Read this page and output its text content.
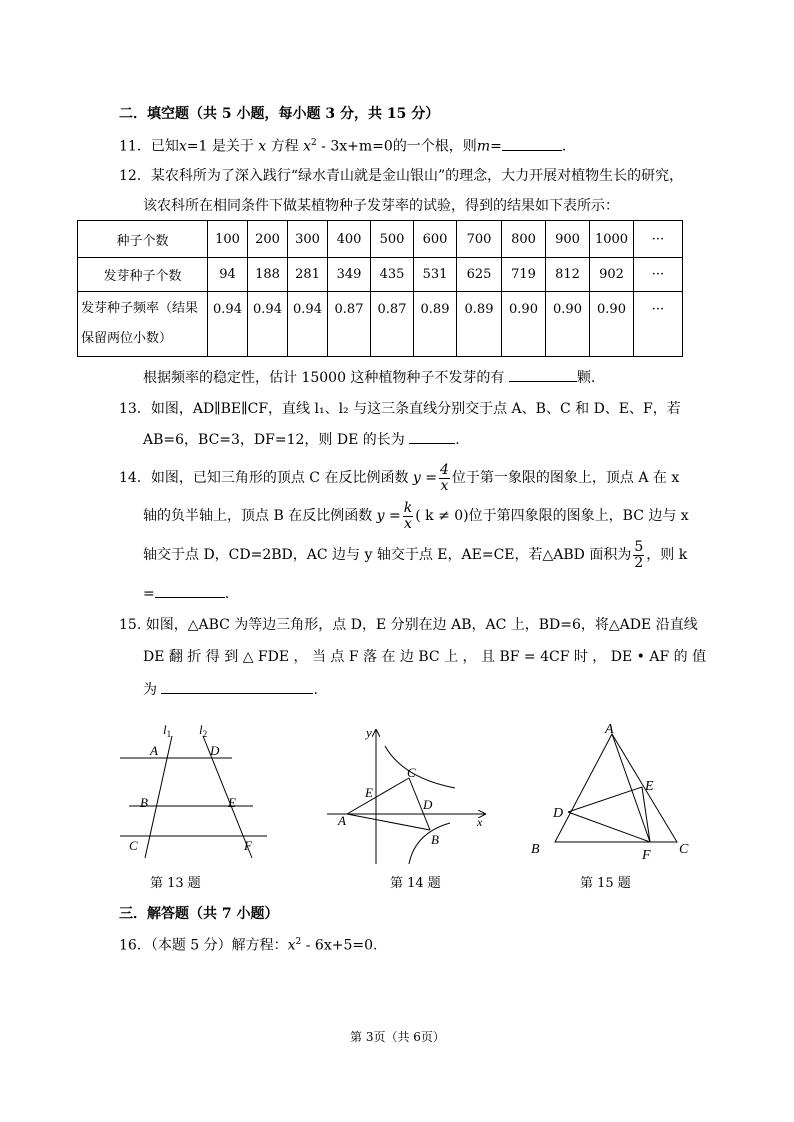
二．填空题（共 5 小题，每小题 3 分，共 15 分）
11．已知x=1 是关于 x 方程 $x^2 - 3x+m=0$的一个根，则m=	.
12．某农科所为了深入践行“绿水青山就是金山银山”的理念，大力开展对植物生长的研究，
该农科所在相同条件下做某植物种子发芽率的试验，得到的结果如下表所示：
种子个数	100	200	300	400	500	600	700	800	900	1000	···
发芽种子个数	94	188	281	349	435	531	625	719	812	902	···
发芽种子频率（结果
保留两位小数）	0.94	0.94	0.94	0.87	0.87	0.89	0.89	0.90	0.90	0.90	···
根据频率的稳定性，估计 15000 这种植物种子不发芽的有	颗.
13．如图，AD∥BE∥CF，直线 l₁、l₂ 与这三条直线分别交于点 A、B、C 和 D、E、F，若
AB=6，BC=3，DF=12，则 DE 的长为	.
14．如图，已知三角形的顶点 C 在反比例函数 $y = \frac{4}{x}$ 位于第一象限的图象上，顶点 A 在 x
轴的负半轴上，顶点 B 在反比例函数 $y = \frac{k}{x}$ ( k ≠ 0)位于第四象限的图象上，BC 边与 x
轴交于点 D，CD=2BD，AC 边与 y 轴交于点 E，AE=CE，若△ABD 面积为 $\frac{5}{2}$ ，则 k
=	.
15. 如图，△ABC 为等边三角形，点 D，E 分别在边 AB，AC 上，BD=6，将△ADE 沿直线
DE 翻 折 得 到 △ FDE ， 当 点 F 落 在 边 BC 上 ， 且 BF = 4CF 时 ， DE • AF 的 值
为	.
$l_1$ $l_2$
A	D
B	E
C	F
第 13 题
y
x
A
E
C
D
B
第 14 题
A
B	C
D
E
F
第 15 题
三．解答题（共 7 小题）
16．（本题 5 分）解方程：$x^2 - 6x+5=0$.
第 3页（共 6页）
